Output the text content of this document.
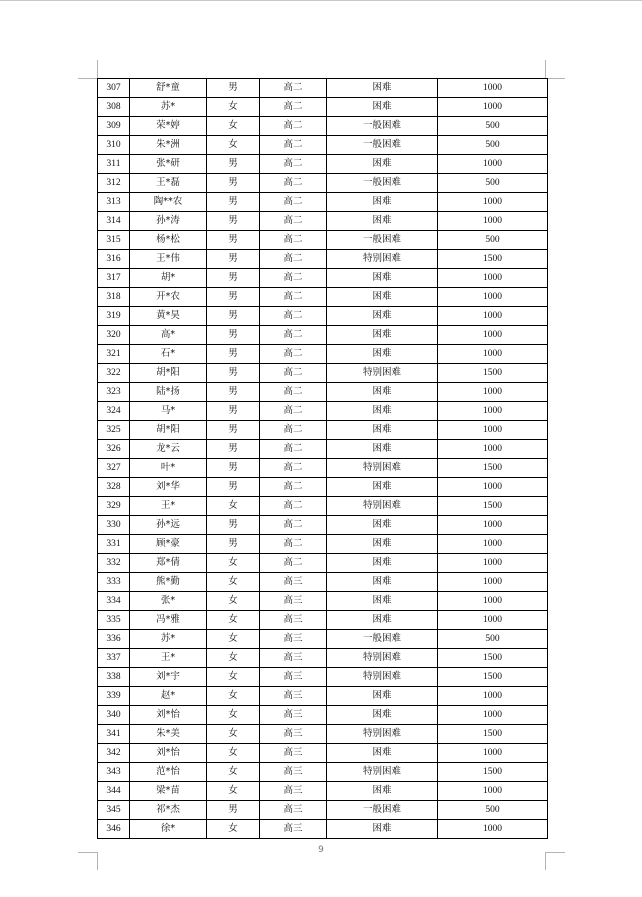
307	舒*童	男	高二	困难	1000
308	苏*	女	高二	困难	1000
309	荣*婷	女	高二	一般困难	500
310	朱*洲	女	高二	一般困难	500
311	张*研	男	高二	困难	1000
312	王*磊	男	高二	一般困难	500
313	陶**农	男	高二	困难	1000
314	孙*涛	男	高二	困难	1000
315	杨*松	男	高二	一般困难	500
316	王*伟	男	高二	特别困难	1500
317	胡*	男	高二	困难	1000
318	开*农	男	高二	困难	1000
319	黄*昊	男	高二	困难	1000
320	高*	男	高二	困难	1000
321	石*	男	高二	困难	1000
322	胡*阳	男	高二	特别困难	1500
323	陆*扬	男	高二	困难	1000
324	马*	男	高二	困难	1000
325	胡*阳	男	高二	困难	1000
326	龙*云	男	高二	困难	1000
327	叶*	男	高二	特别困难	1500
328	刘*华	男	高二	困难	1000
329	王*	女	高二	特别困难	1500
330	孙*远	男	高二	困难	1000
331	顾*豪	男	高二	困难	1000
332	郑*倩	女	高二	困难	1000
333	熊*勤	女	高三	困难	1000
334	张*	女	高三	困难	1000
335	冯*雅	女	高三	困难	1000
336	苏*	女	高三	一般困难	500
337	王*	女	高三	特别困难	1500
338	刘*宇	女	高三	特别困难	1500
339	赵*	女	高三	困难	1000
340	刘*怡	女	高三	困难	1000
341	朱*美	女	高三	特别困难	1500
342	刘*怡	女	高三	困难	1000
343	范*怡	女	高三	特别困难	1500
344	梁*苗	女	高三	困难	1000
345	祁*杰	男	高三	一般困难	500
346	徐*	女	高三	困难	1000
9
